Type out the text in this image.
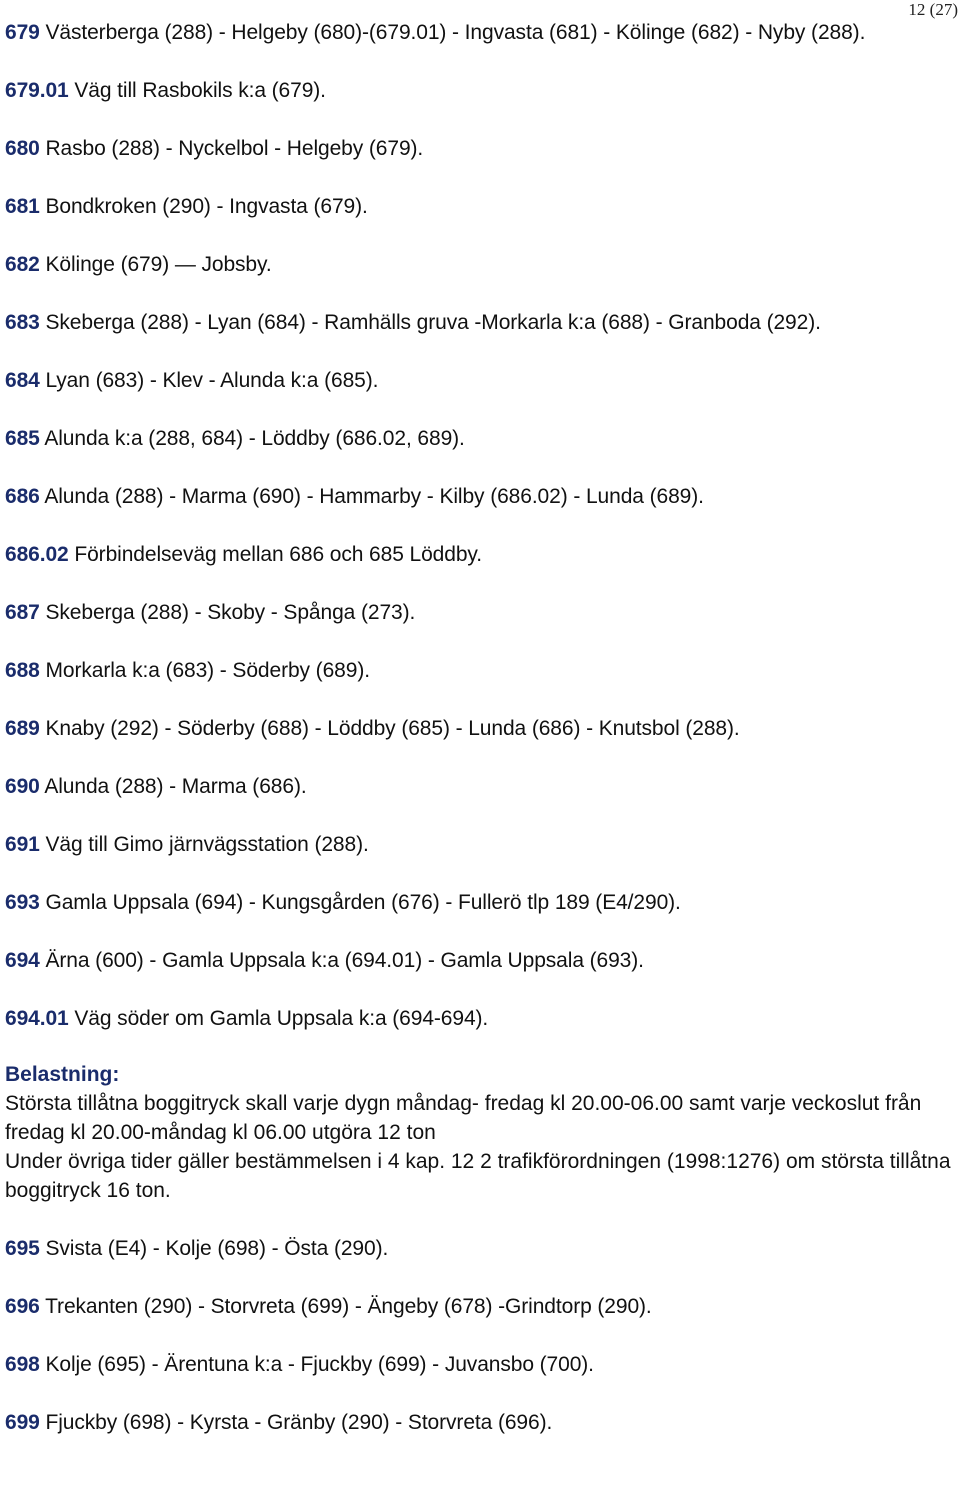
12 (27)
679 Västerberga (288) - Helgeby (680)-(679.01) - Ingvasta (681) - Kölinge (682) - Nyby (288).
679.01 Väg till Rasbokils k:a (679).
680 Rasbo (288) - Nyckelbol - Helgeby (679).
681 Bondkroken (290) - Ingvasta (679).
682 Kölinge (679) — Jobsby.
683 Skeberga (288) - Lyan (684) - Ramhälls gruva -Morkarla k:a (688) - Granboda (292).
684 Lyan (683) - Klev - Alunda k:a (685).
685 Alunda k:a (288, 684) - Löddby (686.02, 689).
686 Alunda (288) - Marma (690) - Hammarby - Kilby (686.02) - Lunda (689).
686.02 Förbindelseväg mellan 686 och 685 Löddby.
687 Skeberga (288) - Skoby - Spånga (273).
688 Morkarla k:a (683) - Söderby (689).
689 Knaby (292) - Söderby (688) - Löddby (685) - Lunda (686) - Knutsbol (288).
690 Alunda (288) - Marma (686).
691 Väg till Gimo järnvägsstation (288).
693 Gamla Uppsala (694) - Kungsgården (676) - Fullerö tlp 189 (E4/290).
694 Ärna (600) - Gamla Uppsala k:a (694.01) - Gamla Uppsala (693).
694.01 Väg söder om Gamla Uppsala k:a (694-694).
Belastning:
Största tillåtna boggitryck skall varje dygn måndag- fredag kl 20.00-06.00 samt varje veckoslut från fredag kl 20.00-måndag kl 06.00 utgöra 12 ton
Under övriga tider gäller bestämmelsen i 4 kap. 12 2 trafikförordningen (1998:1276) om största tillåtna boggitryck 16 ton.
695 Svista (E4) - Kolje (698) - Östa (290).
696 Trekanten (290) - Storvreta (699) - Ängeby (678) -Grindtorp (290).
698 Kolje (695) - Ärentuna k:a - Fjuckby (699) - Juvansbo (700).
699 Fjuckby (698) - Kyrsta - Gränby (290) - Storvreta (696).
